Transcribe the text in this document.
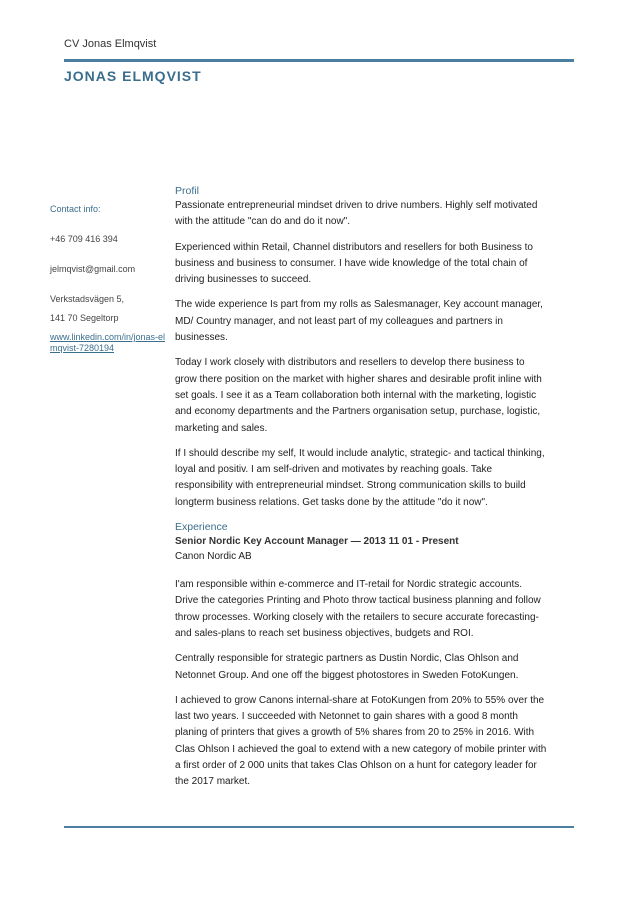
CV Jonas Elmqvist
JONAS ELMQVIST
Contact info:
+46 709 416 394
jelmqvist@gmail.com
Verkstadsvägen 5,
141 70 Segeltorp
www.linkedin.com/in/jonas-elmqvist-7280194
Profil

Passionate entrepreneurial mindset driven to drive numbers. Highly self motivated with the attitude "can do and do it now".

Experienced within Retail, Channel distributors and resellers for both Business to business and business to consumer. I have wide knowledge of the total chain of driving businesses to succeed.

The wide experience Is part from my rolls as Salesmanager, Key account manager, MD/ Country manager, and not least part of my colleagues and partners in businesses.

Today I work closely with distributors and resellers to develop there business to grow there position on the market with higher shares and desirable profit inline with set goals. I see it as a Team collaboration both internal with the marketing, logistic and economy departments and the Partners organisation setup, purchase, logistic, marketing and sales.

If I should describe my self, It would include analytic, strategic- and tactical thinking, loyal and positiv. I am self-driven and motivates by reaching goals. Take responsibility with entrepreneurial mindset. Strong communication skills to build longterm business relations. Get tasks done by the attitude "do it now".

Experience
Senior Nordic Key Account Manager — 2013 11 01 - Present
Canon Nordic AB

I'am responsible within e-commerce and IT-retail for Nordic strategic accounts. Drive the categories Printing and Photo throw tactical business planning and follow throw processes. Working closely with the retailers to secure accurate forecasting- and sales-plans to reach set business objectives, budgets and ROI.

Centrally responsible for strategic partners as Dustin Nordic, Clas Ohlson and Netonnet Group. And one off the biggest photostores in Sweden FotoKungen.

I achieved to grow Canons internal-share at FotoKungen from 20% to 55% over the last two years. I succeeded with Netonnet to gain shares with a good 8 month planing of printers that gives a growth of 5% shares from 20 to 25% in 2016. With Clas Ohlson I achieved the goal to extend with a new category of mobile printer with a first order of 2 000 units that takes Clas Ohlson on a hunt for category leader for the 2017 market.
